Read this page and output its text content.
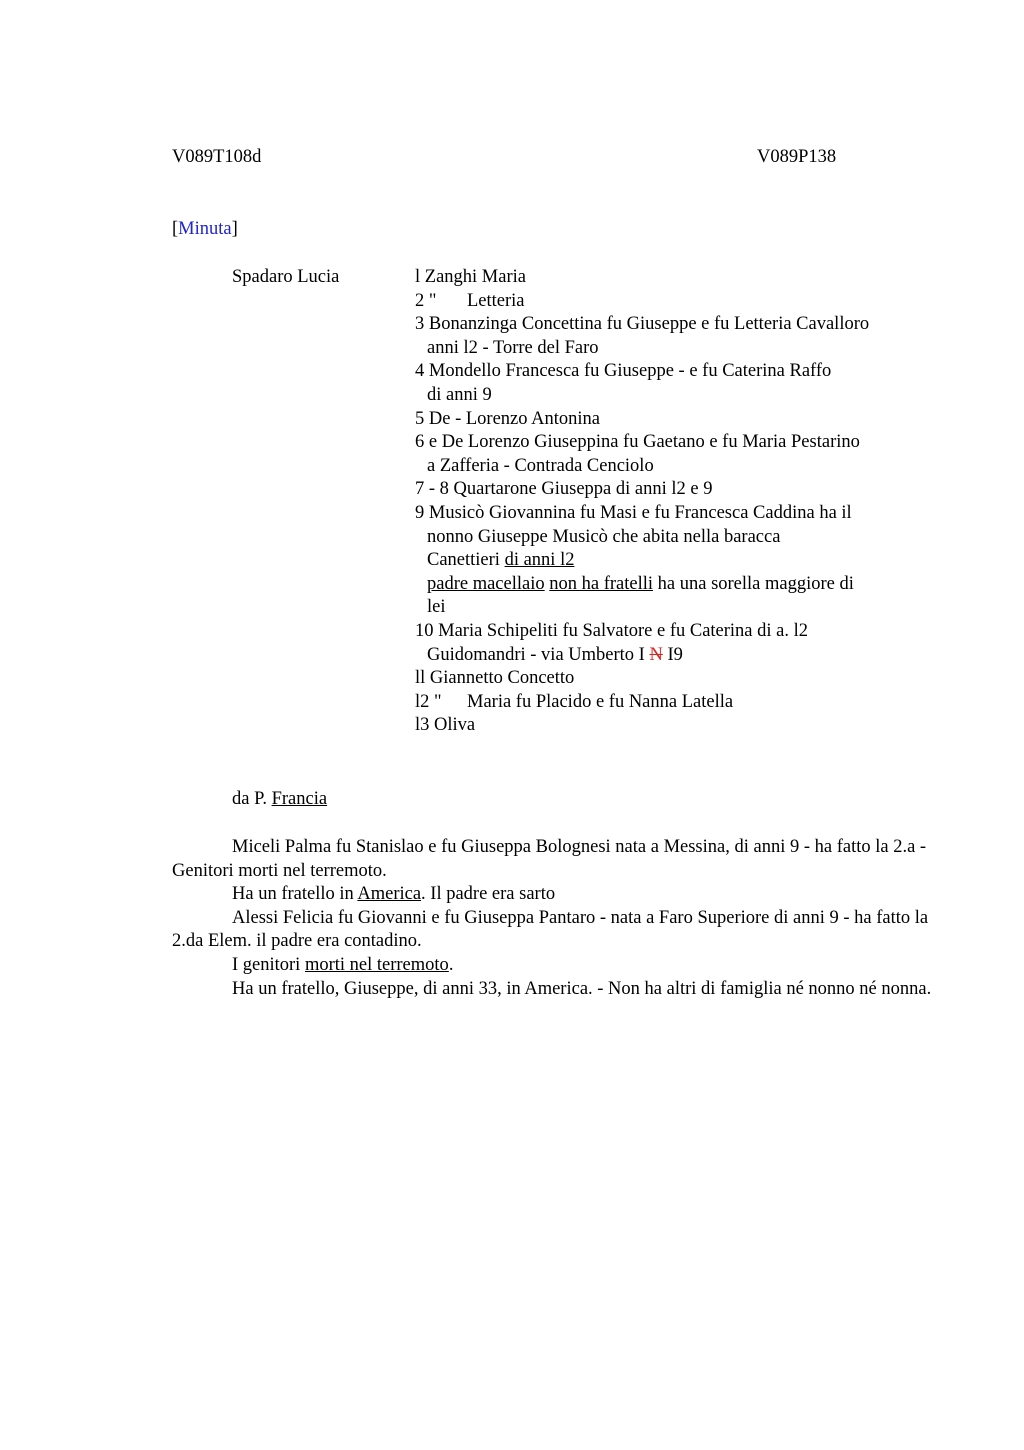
V089T108d	V089P138
[Minuta]
Spadaro Lucia	l Zanghi Maria
2 " Letteria
3 Bonanzinga Concettina fu Giuseppe e fu Letteria Cavalloro
anni l2 - Torre del Faro
4 Mondello Francesca fu Giuseppe - e fu Caterina Raffo
di anni 9
5 De - Lorenzo Antonina
6 e De Lorenzo Giuseppina fu Gaetano e fu Maria Pestarino
a Zafferia - Contrada Cenciolo
7 - 8 Quartarone Giuseppa di anni l2 e 9
9 Musicò Giovannina fu Masi e fu Francesca Caddina ha il
nonno Giuseppe Musicò che abita nella baracca
Canettieri di anni l2
padre macellaio non ha fratelli ha una sorella maggiore di
lei
10 Maria Schipeliti fu Salvatore e fu Caterina di a. l2
Guidomandri - via Umberto I N I9
ll Giannetto Concetto
l2 " Maria fu Placido e fu Nanna Latella
l3 Oliva
da P. Francia

Miceli Palma fu Stanislao e fu Giuseppa Bolognesi nata a Messina, di anni 9 - ha fatto la 2.a - Genitori morti nel terremoto.

Ha un fratello in America. Il padre era sarto

Alessi Felicia fu Giovanni e fu Giuseppa Pantaro - nata a Faro Superiore di anni 9 - ha fatto la 2.da Elem. il padre era contadino.

I genitori morti nel terremoto.

Ha un fratello, Giuseppe, di anni 33, in America. - Non ha altri di famiglia né nonno né nonna.
